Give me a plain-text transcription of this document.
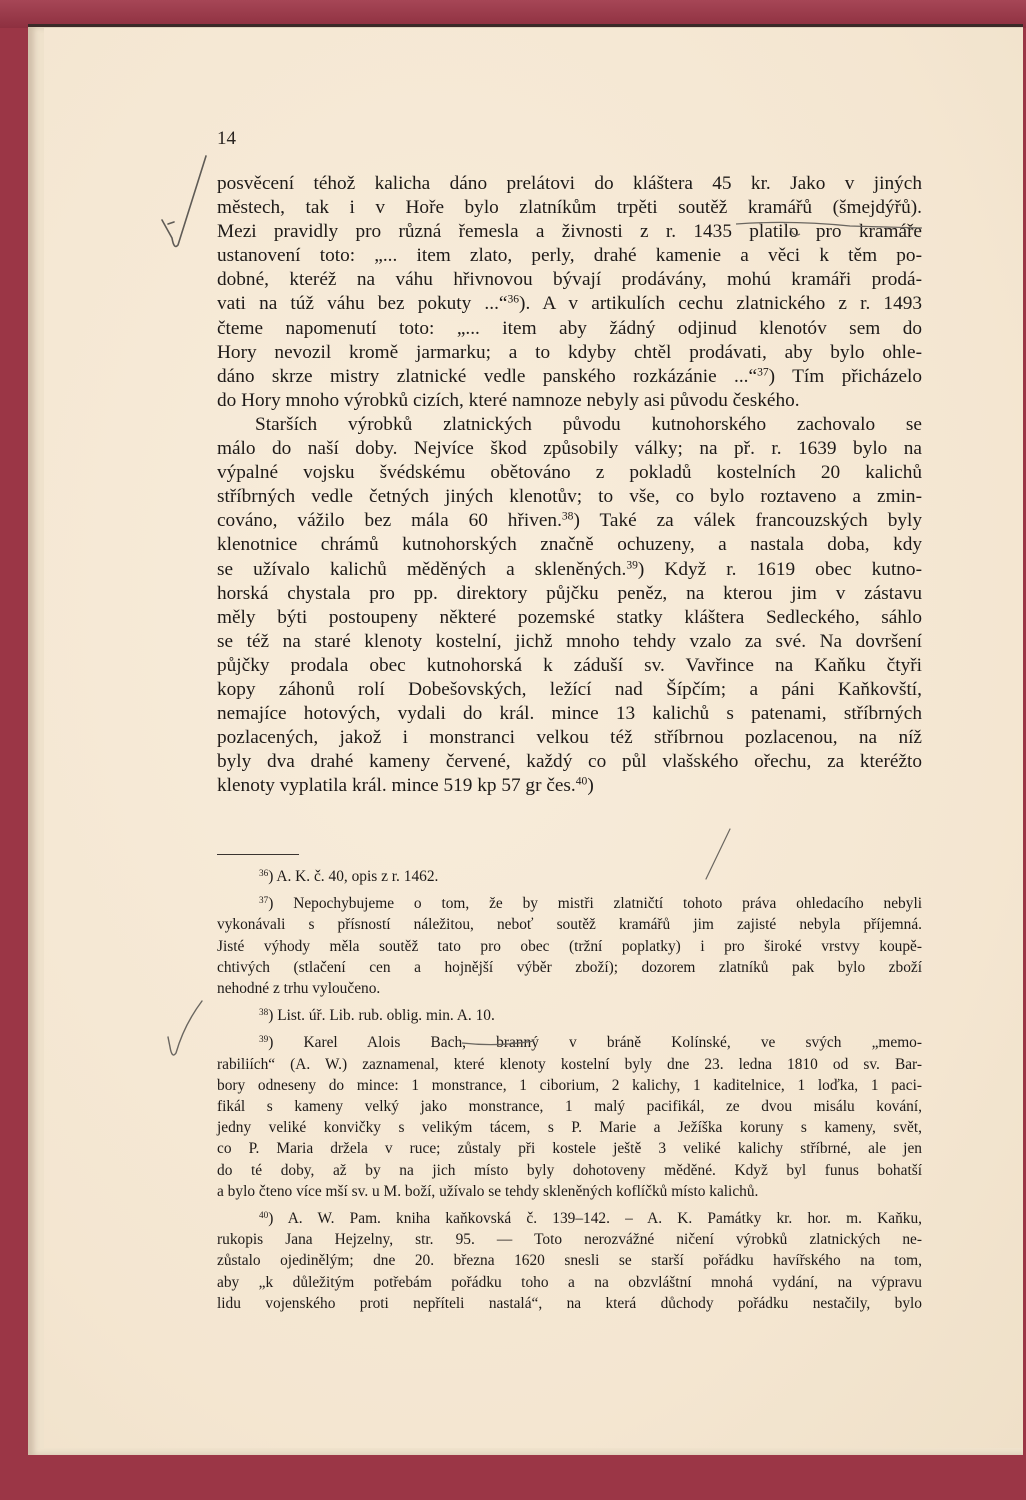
14
posvěcení téhož kalicha dáno prelátovi do kláštera 45 kr. Jako v jiných
městech, tak i v Hoře bylo zlatníkům trpěti soutěž kramářů (šmejdýřů).
Mezi pravidly pro různá řemesla a živnosti z r. 1435 platilo pro kramáře
ustanovení toto: „... item zlato, perly, drahé kamenie a věci k těm po-
dobné, kteréž na váhu hřivnovou bývají prodávány, mohú kramáři prodá-
vati na túž váhu bez pokuty ...“$^{36}$). A v artikulích cechu zlatnického z r. 1493
čteme napomenutí toto: „... item aby žádný odjinud klenotóv sem do
Hory nevozil kromě jarmarku; a to kdyby chtěl prodávati, aby bylo ohle-
dáno skrze mistry zlatnické vedle panského rozkázánie ...“$^{37}$) Tím přicházelo
do Hory mnoho výrobků cizích, které namnoze nebyly asi původu českého.
Starších výrobků zlatnických původu kutnohorského zachovalo se
málo do naší doby. Nejvíce škod způsobily války; na př. r. 1639 bylo na
výpalné vojsku švédskému obětováno z pokladů kostelních 20 kalichů
stříbrných vedle četných jiných klenotův; to vše, co bylo roztaveno a zmin-
cováno, vážilo bez mála 60 hřiven.$^{38}$) Také za válek francouzských byly
klenotnice chrámů kutnohorských značně ochuzeny, a nastala doba, kdy
se užívalo kalichů měděných a skleněných.$^{39}$) Když r. 1619 obec kutno-
horská chystala pro pp. direktory půjčku peněz, na kterou jim v zástavu
měly býti postoupeny některé pozemské statky kláštera Sedleckého, sáhlo
se též na staré klenoty kostelní, jichž mnoho tehdy vzalo za své. Na dovršení
půjčky prodala obec kutnohorská k záduší sv. Vavřince na Kaňku čtyři
kopy záhonů rolí Dobešovských, ležící nad Šípčím; a páni Kaňkovští,
nemajíce hotových, vydali do král. mince 13 kalichů s patenami, stříbrných
pozlacených, jakož i monstranci velkou též stříbrnou pozlacenou, na níž
byly dva drahé kameny červené, každý co půl vlašského ořechu, za kteréžto
klenoty vyplatila král. mince 519 kp 57 gr čes.$^{40}$)
$^{36}$) A. K. č. 40, opis z r. 1462.
$^{37}$) Nepochybujeme o tom, že by mistři zlatničtí tohoto práva ohledacího nebyli
vykonávali s přísností náležitou, neboť soutěž kramářů jim zajisté nebyla příjemná.
Jisté výhody měla soutěž tato pro obec (tržní poplatky) i pro široké vrstvy koupě-
chtivých (stlačení cen a hojnější výběr zboží); dozorem zlatníků pak bylo zboží
nehodné z trhu vyloučeno.
$^{38}$) List. úř. Lib. rub. oblig. min. A. 10.
$^{39}$) Karel Alois Bach, branný v bráně Kolínské, ve svých „memo-
rabiliích“ (A. W.) zaznamenal, které klenoty kostelní byly dne 23. ledna 1810 od sv. Bar-
bory odneseny do mince: 1 monstrance, 1 ciborium, 2 kalichy, 1 kaditelnice, 1 loďka, 1 paci-
fikál s kameny velký jako monstrance, 1 malý pacifikál, ze dvou misálu kování,
jedny veliké konvičky s velikým tácem, s P. Marie a Ježíška koruny s kameny, svět,
co P. Maria držela v ruce; zůstaly při kostele ještě 3 veliké kalichy stříbrné, ale jen
do té doby, až by na jich místo byly dohotoveny měděné. Když byl funus bohatší
a bylo čteno více mší sv. u M. boží, užívalo se tehdy skleněných koflíčků místo kalichů.
$^{40}$) A. W. Pam. kniha kaňkovská č. 139–142. – A. K. Památky kr. hor. m. Kaňku,
rukopis Jana Hejzelny, str. 95. — Toto nerozvážné ničení výrobků zlatnických ne-
zůstalo ojedinělým; dne 20. března 1620 snesli se starší pořádku havířského na tom,
aby „k důležitým potřebám pořádku toho a na obzvláštní mnohá vydání, na výpravu
lidu vojenského proti nepříteli nastalá“, na která důchody pořádku nestačily, bylo
